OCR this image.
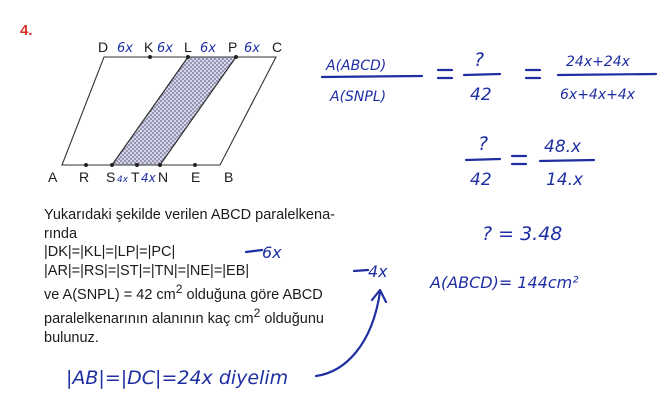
4.
A	B
C
D
R S T N E
K L	P
6x 6x 6x 6x
4x 4x
6x
4x
|AB|=|DC|=24x diyelim
A(ABCD)
A(SNPL)
?
42
24x+24x
6x+4x+4x
?
42
48.x
14.x
? = 3.48
A(ABCD)= 144cm²
Yukarıdaki şekilde verilen ABCD paralelkena-
rında
|DK|=|KL|=|LP|=|PC|
|AR|=|RS|=|ST|=|TN|=|NE|=|EB|
ve A(SNPL) = 42 $cm^2$ olduğuna göre ABCD
paralelkenarının alanının kaç $cm^2$ olduğunu
bulunuz.
